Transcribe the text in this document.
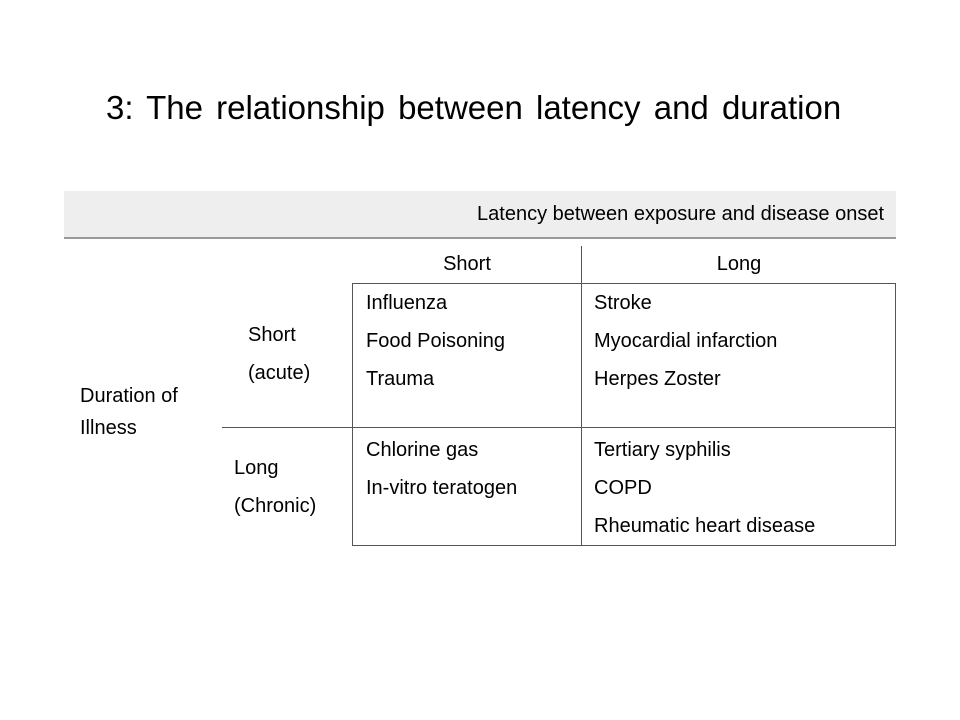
3: The relationship between latency and duration
Latency between exposure and disease onset
Short	Long
Duration of
Illness
Short
(acute)
Long
(Chronic)
Influenza
Food Poisoning
Trauma
Stroke
Myocardial infarction
Herpes Zoster
Chlorine gas
In-vitro teratogen
Tertiary syphilis
COPD
Rheumatic heart disease
